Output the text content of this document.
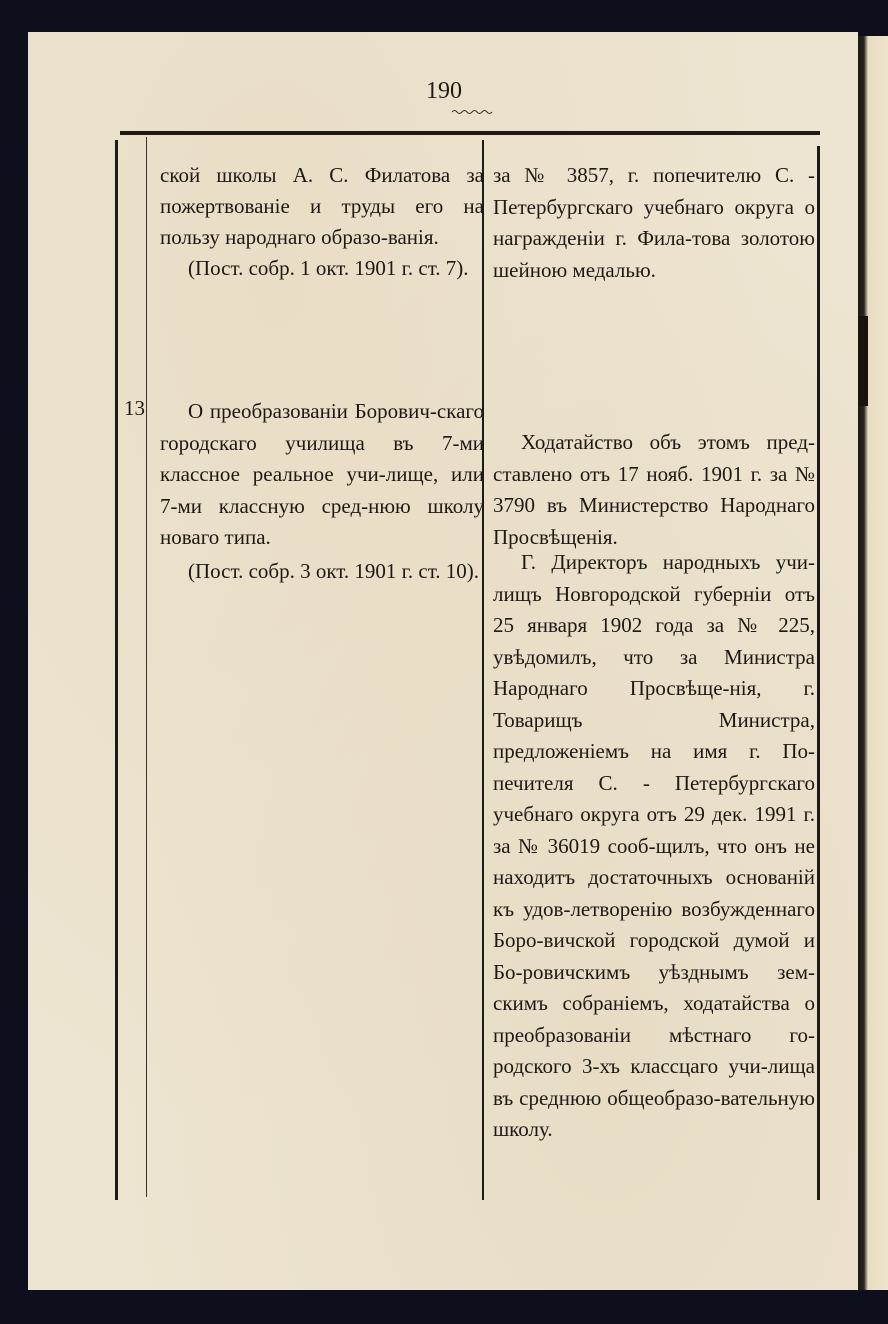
190

ской школы А. С. Филатова за пожертвованіе и труды его на пользу народнаго образо-ванія.

(Пост. собр. 1 окт. 1901 г. ст. 7).

за № 3857, г. попечителю С. - Петербургскаго учебнаго округа о награжденіи г. Фила-това золотою шейною медалью.

13	О преобразованіи Борович-скаго городскаго училища въ 7-ми классное реальное учи-лище, или 7-ми классную сред-нюю школу новаго типа.

(Пост. собр. 3 окт. 1901 г. ст. 10).

Ходатайство объ этомъ пред-ставлено отъ 17 нояб. 1901 г. за № 3790 въ Министерство Народнаго Просвѣщенія.

Г. Директоръ народныхъ учи-лищъ Новгородской губерніи отъ 25 января 1902 года за № 225, увѣдомилъ, что за Министра Народнаго Просвѣще-нія, г. Товарищъ Министра, предложеніемъ на имя г. По-печителя С. - Петербургскаго учебнаго округа отъ 29 дек. 1991 г. за № 36019 сооб-щилъ, что онъ не находитъ достаточныхъ основаній къ удов-летворенію возбужденнаго Боро-вичской городской думой и Бо-ровичскимъ уѣзднымъ зем-скимъ собраніемъ, ходатайства о преобразованіи мѣстнаго го-родского 3-хъ классцаго учи-лища въ среднюю общеобразо-вательную школу.
